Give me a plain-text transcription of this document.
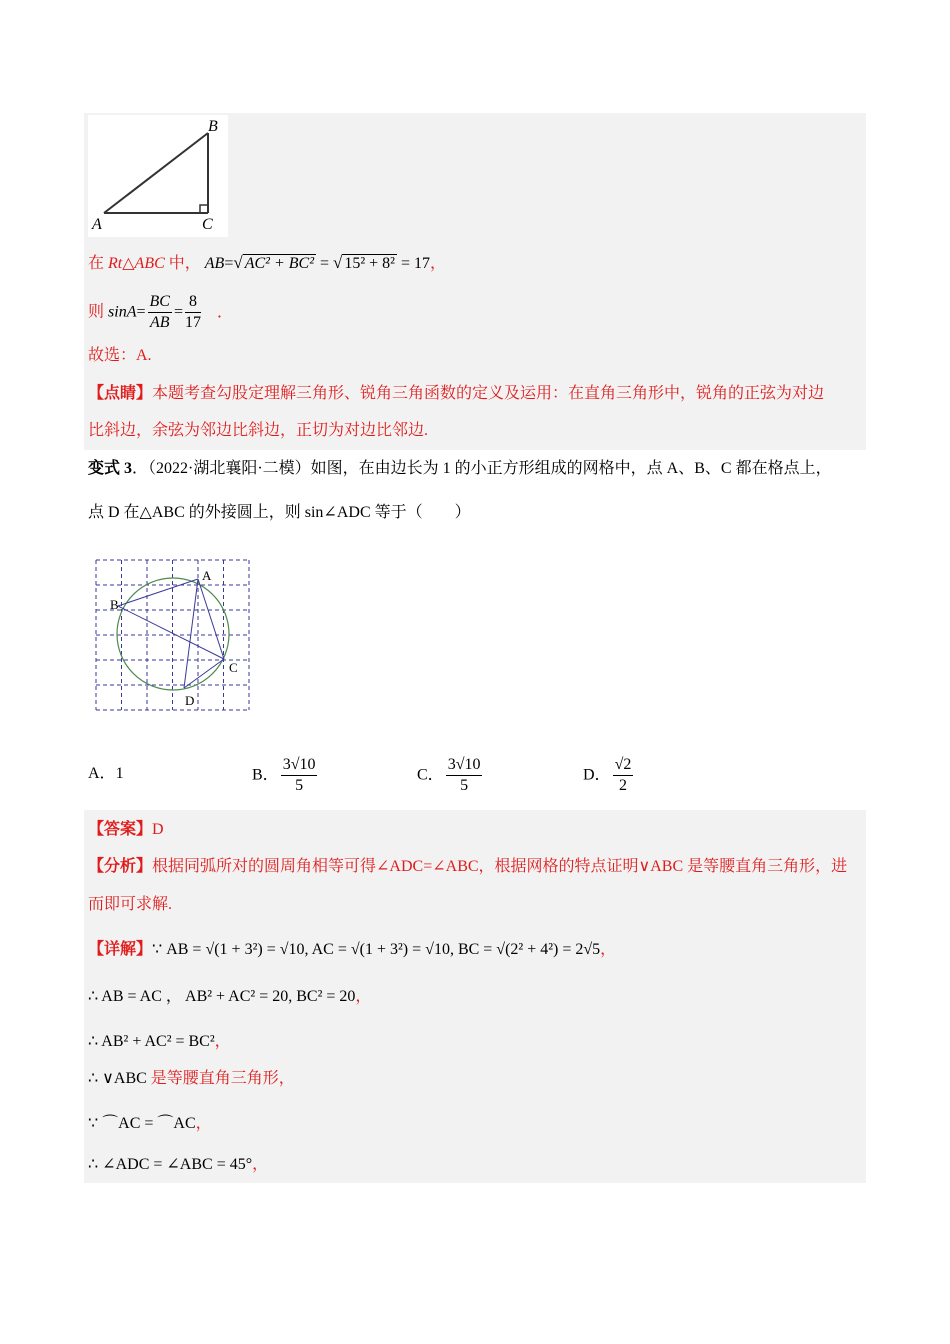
B
A	C
在 Rt△ABC 中， AB=√ AC² + BC² = √ 15² + 8² = 17，
则 $\sin A= \frac{BC}{AB} = \frac{8}{17}$ ．
故选：A.
【点睛】本题考查勾股定理解三角形、锐角三角函数的定义及运用：在直角三角形中，锐角的正弦为对边
比斜边，余弦为邻边比斜边，正切为对边比邻边.
变式 3．（2022·湖北襄阳·二模）如图，在由边长为 1 的小正方形组成的网格中，点 A、B、C 都在格点上，
点 D 在△ABC 的外接圆上，则 sin∠ADC 等于（　　）
A
B
C
D
A．1	B． $\frac{3√10}{5}$	C． $\frac{3√10}{5}$	D． $\frac{√2}{2}$
【答案】D
【分析】根据同弧所对的圆周角相等可得∠ADC=∠ABC，根据网格的特点证明∨ABC 是等腰直角三角形，进
而即可求解.
【详解】∵ AB = √(1 + 3²) = √10, AC = √(1 + 3²) = √10, BC = √(2² + 4²) = 2√5，
∴ AB = AC ， AB² + AC² = 20, BC² = 20，
∴ AB² + AC² = BC²，
∴ ∨ABC 是等腰直角三角形，
∵ ⌒AC = ⌒AC，
∴ ∠ADC = ∠ABC = 45°，
